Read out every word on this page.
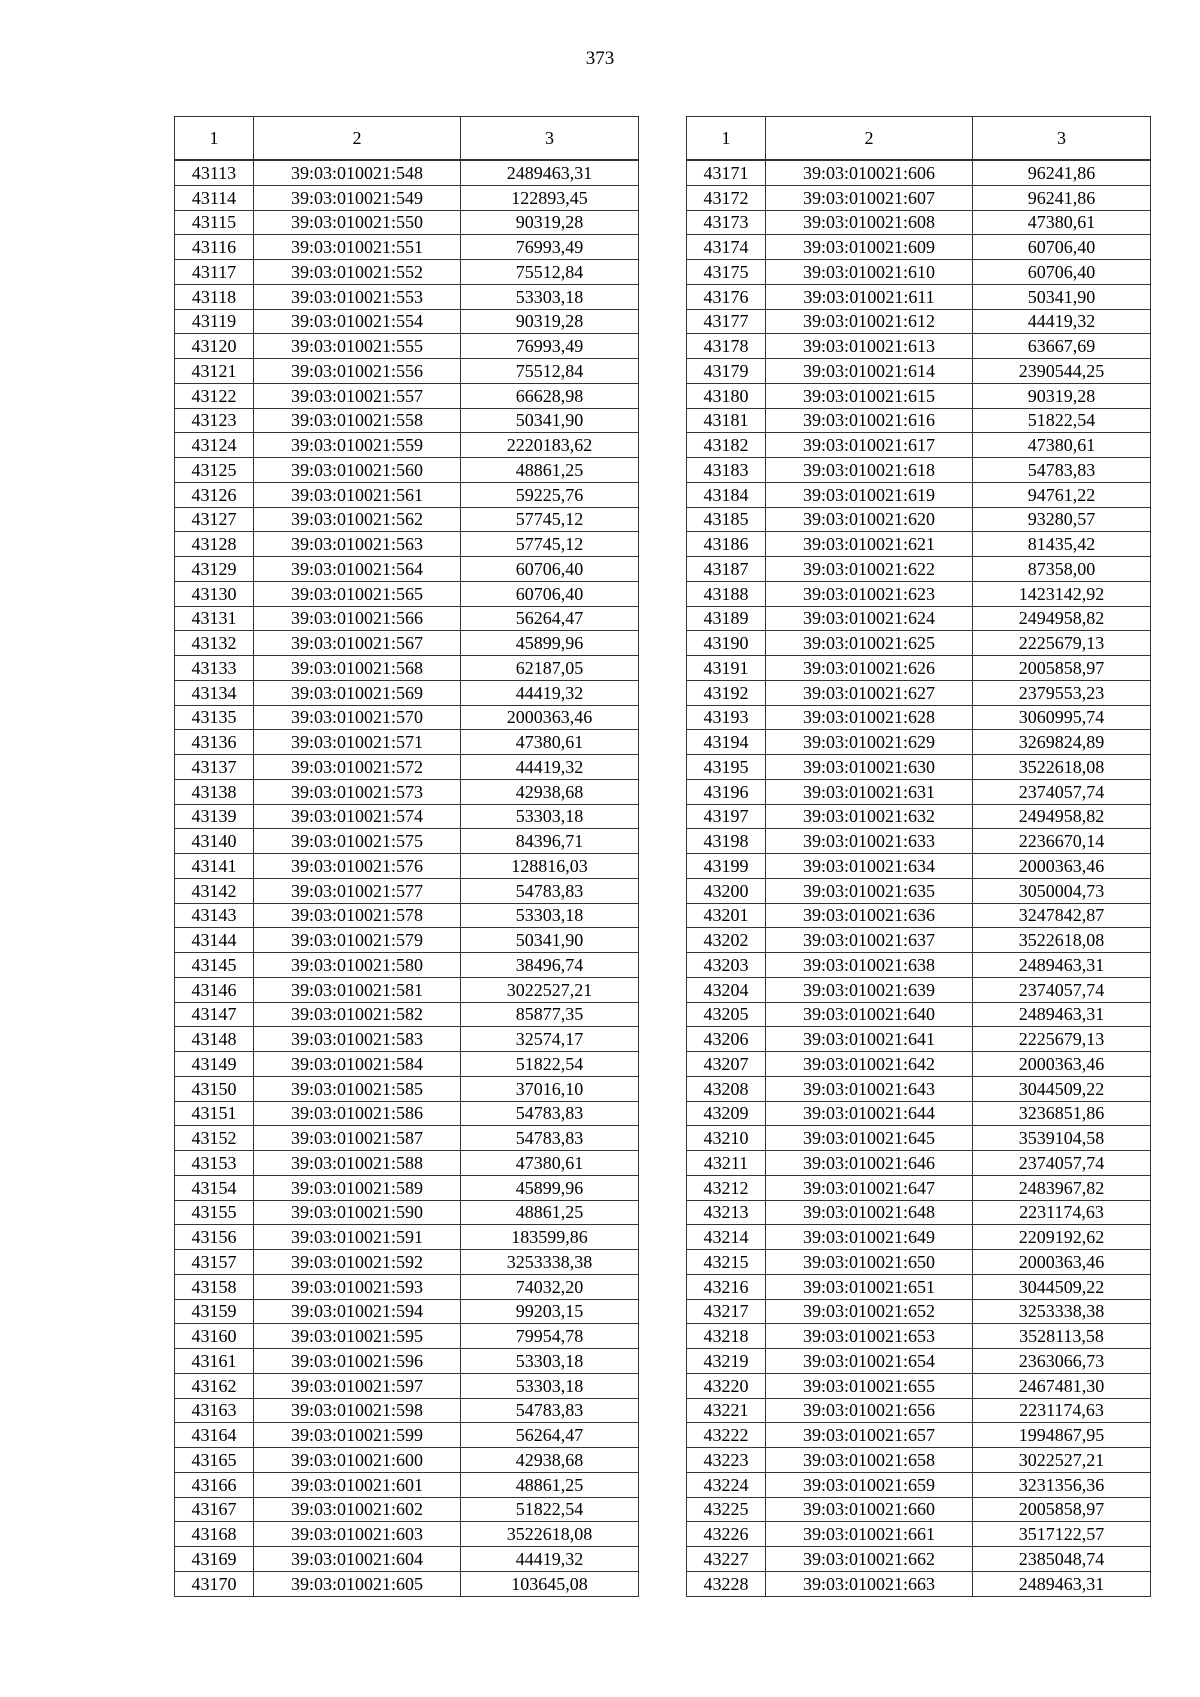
373
1	2	3
43113	39:03:010021:548	2489463,31
43114	39:03:010021:549	122893,45
43115	39:03:010021:550	90319,28
43116	39:03:010021:551	76993,49
43117	39:03:010021:552	75512,84
43118	39:03:010021:553	53303,18
43119	39:03:010021:554	90319,28
43120	39:03:010021:555	76993,49
43121	39:03:010021:556	75512,84
43122	39:03:010021:557	66628,98
43123	39:03:010021:558	50341,90
43124	39:03:010021:559	2220183,62
43125	39:03:010021:560	48861,25
43126	39:03:010021:561	59225,76
43127	39:03:010021:562	57745,12
43128	39:03:010021:563	57745,12
43129	39:03:010021:564	60706,40
43130	39:03:010021:565	60706,40
43131	39:03:010021:566	56264,47
43132	39:03:010021:567	45899,96
43133	39:03:010021:568	62187,05
43134	39:03:010021:569	44419,32
43135	39:03:010021:570	2000363,46
43136	39:03:010021:571	47380,61
43137	39:03:010021:572	44419,32
43138	39:03:010021:573	42938,68
43139	39:03:010021:574	53303,18
43140	39:03:010021:575	84396,71
43141	39:03:010021:576	128816,03
43142	39:03:010021:577	54783,83
43143	39:03:010021:578	53303,18
43144	39:03:010021:579	50341,90
43145	39:03:010021:580	38496,74
43146	39:03:010021:581	3022527,21
43147	39:03:010021:582	85877,35
43148	39:03:010021:583	32574,17
43149	39:03:010021:584	51822,54
43150	39:03:010021:585	37016,10
43151	39:03:010021:586	54783,83
43152	39:03:010021:587	54783,83
43153	39:03:010021:588	47380,61
43154	39:03:010021:589	45899,96
43155	39:03:010021:590	48861,25
43156	39:03:010021:591	183599,86
43157	39:03:010021:592	3253338,38
43158	39:03:010021:593	74032,20
43159	39:03:010021:594	99203,15
43160	39:03:010021:595	79954,78
43161	39:03:010021:596	53303,18
43162	39:03:010021:597	53303,18
43163	39:03:010021:598	54783,83
43164	39:03:010021:599	56264,47
43165	39:03:010021:600	42938,68
43166	39:03:010021:601	48861,25
43167	39:03:010021:602	51822,54
43168	39:03:010021:603	3522618,08
43169	39:03:010021:604	44419,32
43170	39:03:010021:605	103645,08
1	2	3
43171	39:03:010021:606	96241,86
43172	39:03:010021:607	96241,86
43173	39:03:010021:608	47380,61
43174	39:03:010021:609	60706,40
43175	39:03:010021:610	60706,40
43176	39:03:010021:611	50341,90
43177	39:03:010021:612	44419,32
43178	39:03:010021:613	63667,69
43179	39:03:010021:614	2390544,25
43180	39:03:010021:615	90319,28
43181	39:03:010021:616	51822,54
43182	39:03:010021:617	47380,61
43183	39:03:010021:618	54783,83
43184	39:03:010021:619	94761,22
43185	39:03:010021:620	93280,57
43186	39:03:010021:621	81435,42
43187	39:03:010021:622	87358,00
43188	39:03:010021:623	1423142,92
43189	39:03:010021:624	2494958,82
43190	39:03:010021:625	2225679,13
43191	39:03:010021:626	2005858,97
43192	39:03:010021:627	2379553,23
43193	39:03:010021:628	3060995,74
43194	39:03:010021:629	3269824,89
43195	39:03:010021:630	3522618,08
43196	39:03:010021:631	2374057,74
43197	39:03:010021:632	2494958,82
43198	39:03:010021:633	2236670,14
43199	39:03:010021:634	2000363,46
43200	39:03:010021:635	3050004,73
43201	39:03:010021:636	3247842,87
43202	39:03:010021:637	3522618,08
43203	39:03:010021:638	2489463,31
43204	39:03:010021:639	2374057,74
43205	39:03:010021:640	2489463,31
43206	39:03:010021:641	2225679,13
43207	39:03:010021:642	2000363,46
43208	39:03:010021:643	3044509,22
43209	39:03:010021:644	3236851,86
43210	39:03:010021:645	3539104,58
43211	39:03:010021:646	2374057,74
43212	39:03:010021:647	2483967,82
43213	39:03:010021:648	2231174,63
43214	39:03:010021:649	2209192,62
43215	39:03:010021:650	2000363,46
43216	39:03:010021:651	3044509,22
43217	39:03:010021:652	3253338,38
43218	39:03:010021:653	3528113,58
43219	39:03:010021:654	2363066,73
43220	39:03:010021:655	2467481,30
43221	39:03:010021:656	2231174,63
43222	39:03:010021:657	1994867,95
43223	39:03:010021:658	3022527,21
43224	39:03:010021:659	3231356,36
43225	39:03:010021:660	2005858,97
43226	39:03:010021:661	3517122,57
43227	39:03:010021:662	2385048,74
43228	39:03:010021:663	2489463,31
